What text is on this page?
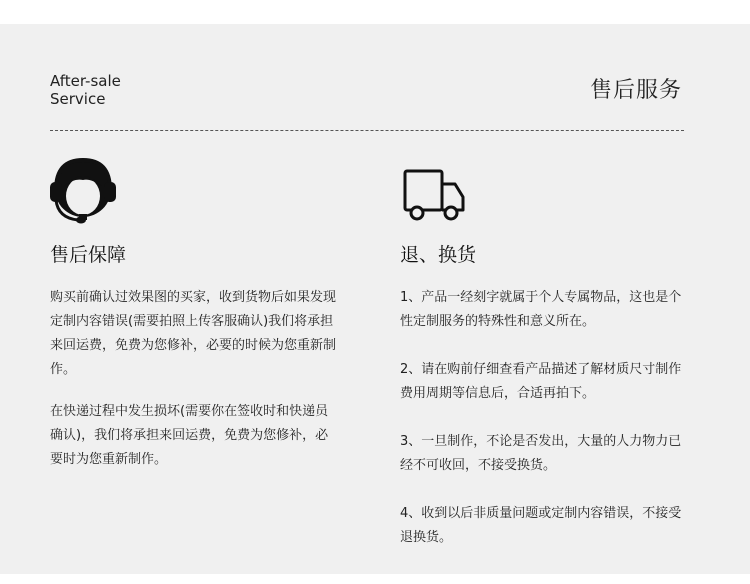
After-sale
Service	售后服务
售后保障

购买前确认过效果图的买家，收到货物后如果发现定制内容错误(需要拍照上传客服确认)我们将承担来回运费，免费为您修补，必要的时候为您重新制作。

在快递过程中发生损坏(需要你在签收时和快递员确认)，我们将承担来回运费，免费为您修补，必要时为您重新制作。

退、换货

1、产品一经刻字就属于个人专属物品，这也是个性定制服务的特殊性和意义所在。

2、请在购前仔细查看产品描述了解材质尺寸制作费用周期等信息后，合适再拍下。

3、一旦制作，不论是否发出，大量的人力物力已经不可收回，不接受换货。

4、收到以后非质量问题或定制内容错误，不接受退换货。
